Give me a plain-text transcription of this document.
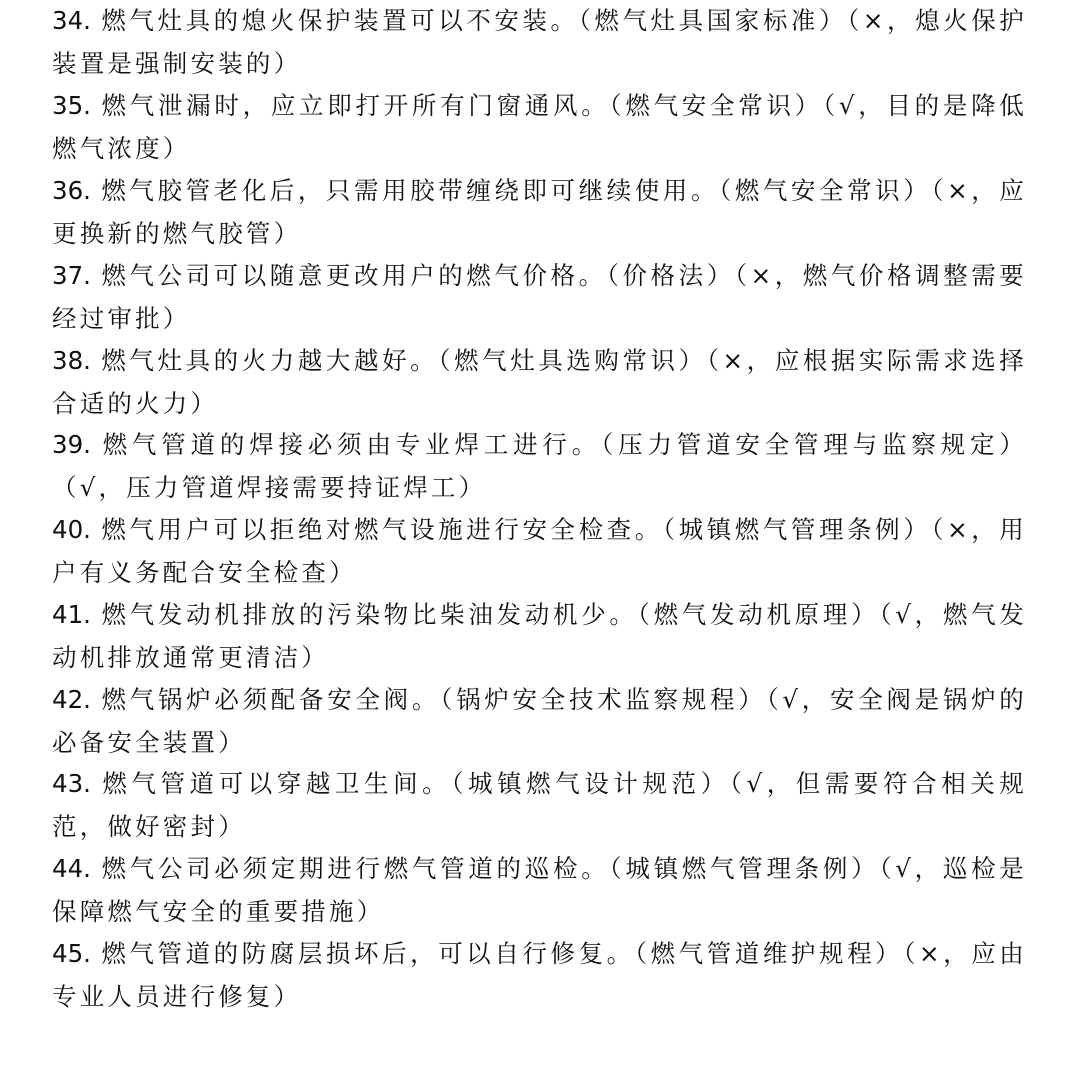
34. 燃气灶具的熄火保护装置可以不安装。（燃气灶具国家标准）（×，熄火保护装置是强制安装的）
35. 燃气泄漏时，应立即打开所有门窗通风。（燃气安全常识）（√，目的是降低燃气浓度）
36. 燃气胶管老化后，只需用胶带缠绕即可继续使用。（燃气安全常识）（×，应更换新的燃气胶管）
37. 燃气公司可以随意更改用户的燃气价格。（价格法）（×，燃气价格调整需要经过审批）
38. 燃气灶具的火力越大越好。（燃气灶具选购常识）（×，应根据实际需求选择合适的火力）
39. 燃气管道的焊接必须由专业焊工进行。（压力管道安全管理与监察规定）（√，压力管道焊接需要持证焊工）
40. 燃气用户可以拒绝对燃气设施进行安全检查。（城镇燃气管理条例）（×，用户有义务配合安全检查）
41. 燃气发动机排放的污染物比柴油发动机少。（燃气发动机原理）（√，燃气发动机排放通常更清洁）
42. 燃气锅炉必须配备安全阀。（锅炉安全技术监察规程）（√，安全阀是锅炉的必备安全装置）
43. 燃气管道可以穿越卫生间。（城镇燃气设计规范）（√，但需要符合相关规范，做好密封）
44. 燃气公司必须定期进行燃气管道的巡检。（城镇燃气管理条例）（√，巡检是保障燃气安全的重要措施）
45. 燃气管道的防腐层损坏后，可以自行修复。（燃气管道维护规程）（×，应由专业人员进行修复）
